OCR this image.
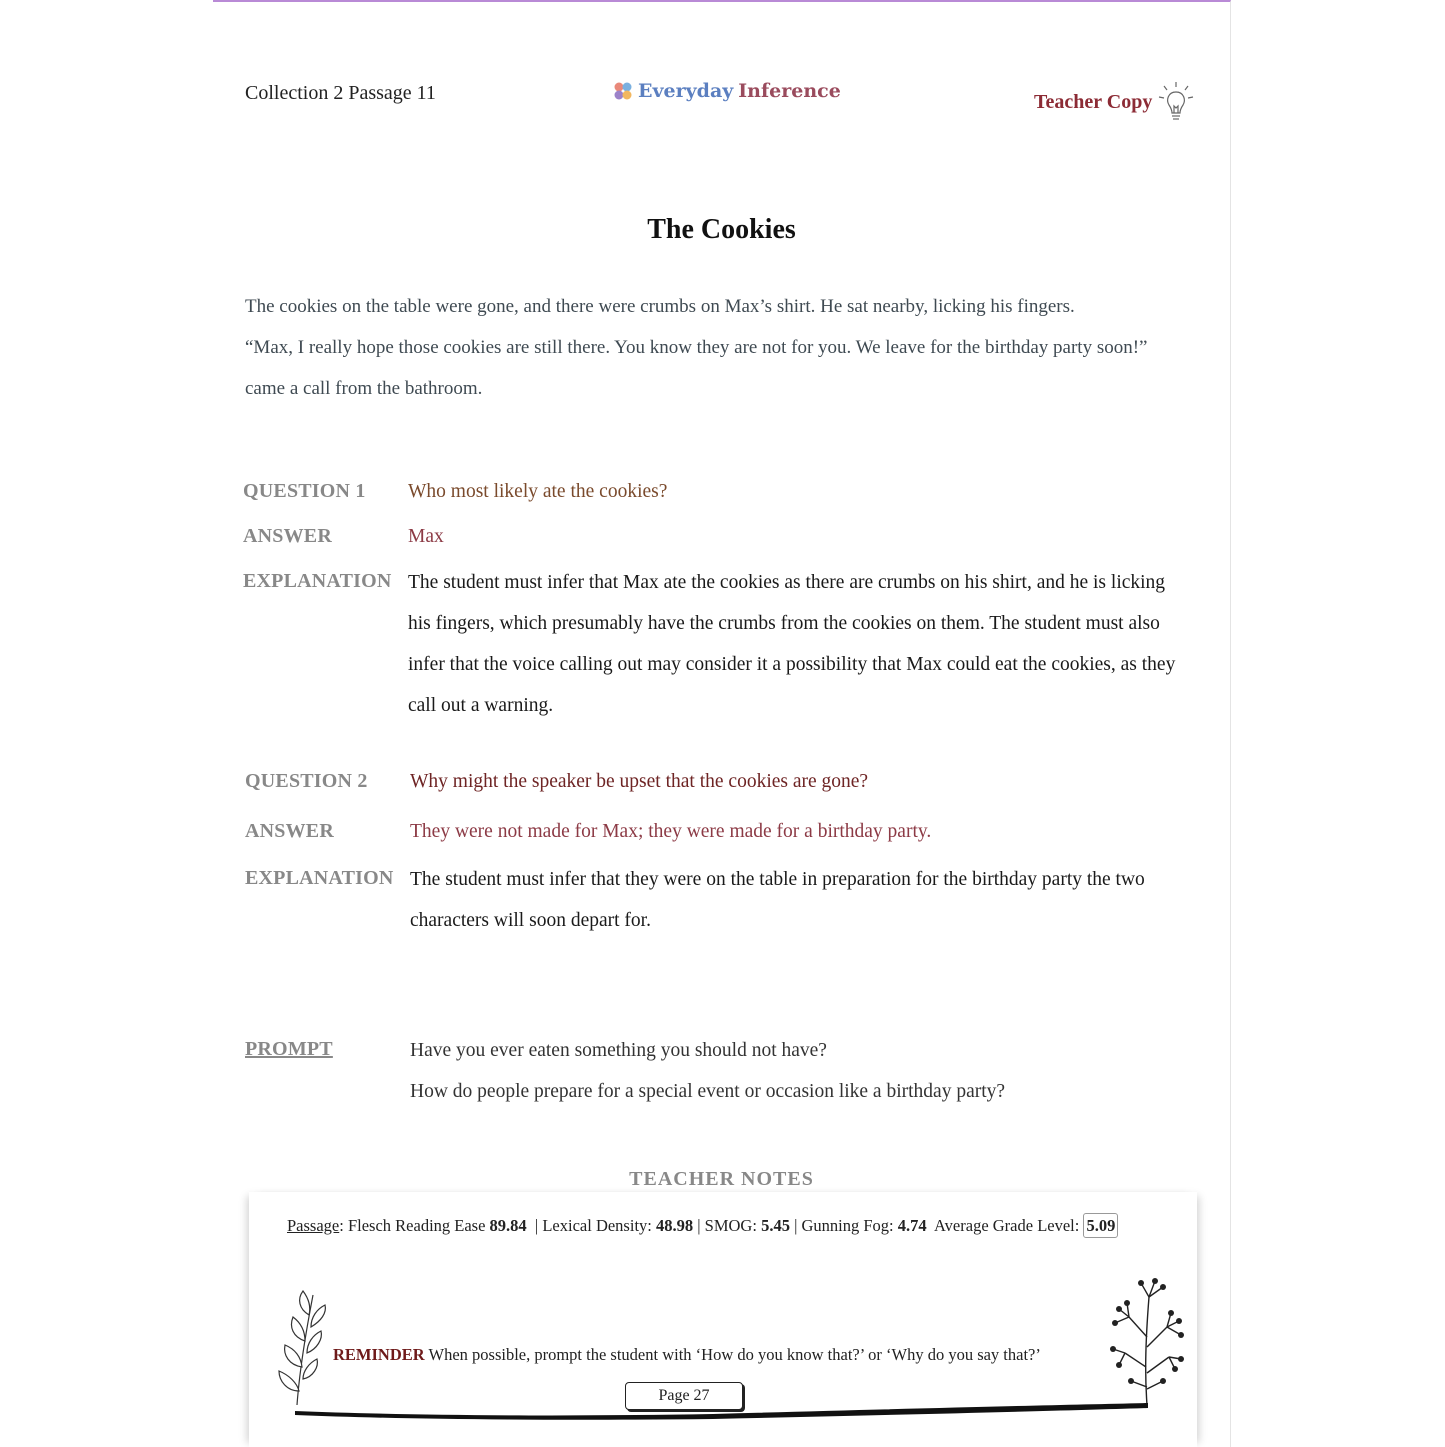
Collection 2 Passage 11	Everyday Inference	Teacher Copy
The Cookies
The cookies on the table were gone, and there were crumbs on Max’s shirt. He sat nearby, licking his fingers.
“Max, I really hope those cookies are still there. You know they are not for you. We leave for the birthday party soon!”
came a call from the bathroom.
QUESTION 1 Who most likely ate the cookies?
ANSWER	Max
EXPLANATION The student must infer that Max ate the cookies as there are crumbs on his shirt, and he is licking
his fingers, which presumably have the crumbs from the cookies on them. The student must also
infer that the voice calling out may consider it a possibility that Max could eat the cookies, as they
call out a warning.
QUESTION 2 Why might the speaker be upset that the cookies are gone?
ANSWER	They were not made for Max; they were made for a birthday party.
EXPLANATION The student must infer that they were on the table in preparation for the birthday party the two
characters will soon depart for.
PROMPT	Have you ever eaten something you should not have?
How do people prepare for a special event or occasion like a birthday party?
TEACHER NOTES
Passage: Flesch Reading Ease 89.84 | Lexical Density: 48.98 | SMOG: 5.45 | Gunning Fog: 4.74 Average Grade Level: 5.09
REMINDER When possible, prompt the student with ‘How do you know that?’ or ‘Why do you say that?’
Page 27
